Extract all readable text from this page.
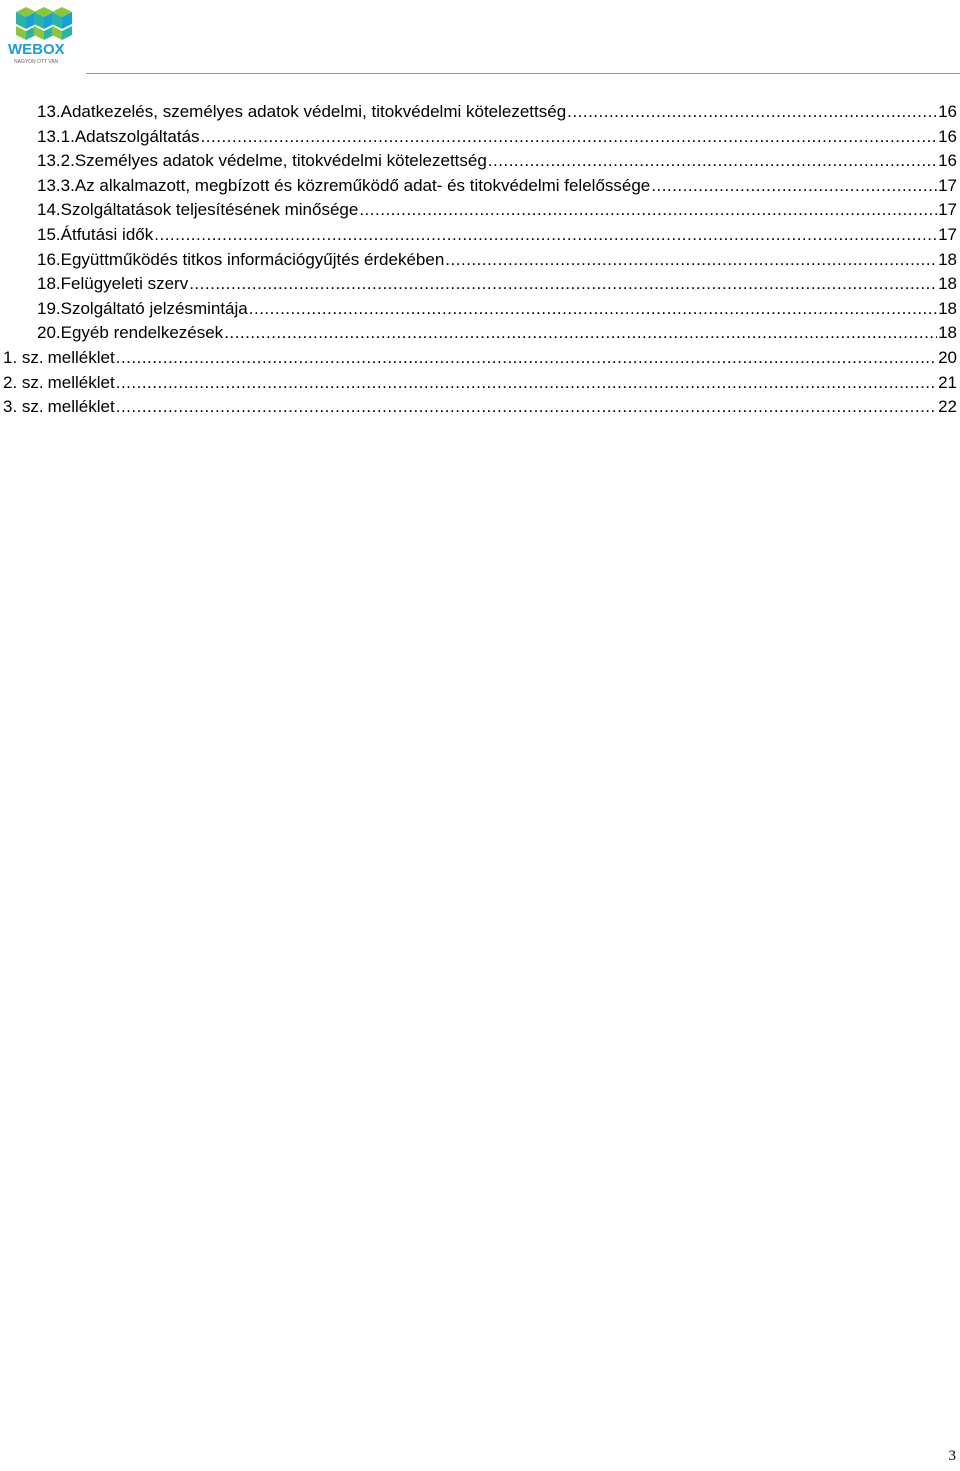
WEBOX
NAGYON OTT VAN
13. Adatkezelés, személyes adatok védelmi, titokvédelmi kötelezettség .....	16
13.1. Adatszolgáltatás .....	16
13.2. Személyes adatok védelme, titokvédelmi kötelezettség .....	16
13.3. Az alkalmazott, megbízott és közreműködő adat- és titokvédelmi felelőssége .....	17
14. Szolgáltatások teljesítésének minősége .....	17
15. Átfutási idők .....	17
16. Együttműködés titkos információgyűjtés érdekében .....	18
18. Felügyeleti szerv .....	18
19. Szolgáltató jelzésmintája .....	18
20. Egyéb rendelkezések .....	18
1. sz. melléklet .....	20
2. sz. melléklet .....	21
3. sz. melléklet .....	22
3
